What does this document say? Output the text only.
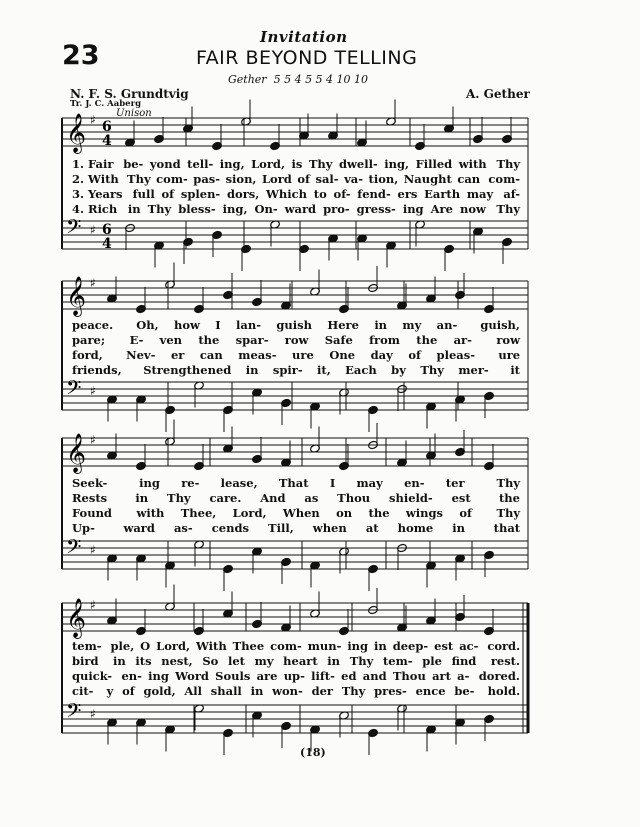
Invitation
23	FAIR BEYOND TELLING
Gether 5 5 4 5 5 4 10 10
N. F. S. Grundtvig
Tr. J. C. Aaberg
A. Gether
Unison
𝄞 ♯ 6
4
𝄢 ♯ 6
4
𝄞 ♯
𝄢 ♯
𝄞 ♯
𝄢 ♯
𝄞 ♯
𝄢 ♯
1. Fair be- yond tell- ing, Lord, is Thy dwell- ing, Filled with Thy
2. With Thy com- pas- sion, Lord of sal- va- tion, Naught can com-
3. Years full of splen- dors, Which to of- fend- ers Earth may af-
4. Rich in Thy bless- ing, On- ward pro- gress- ing Are now Thy
peace.	Oh,	how	I	lan-	guish	Here	in	my	an-	guish,
pare;	E-	ven	the	spar-	row	Safe	from	the	ar-	row
ford,	Nev-	er	can	meas-	ure	One	day	of	pleas-	ure
friends,	Strengthened	in	spir-	it,	Each	by	Thy	mer-	it
Seek-	ing	re-	lease,	That	I	may	en-	ter	Thy
Rests	in	Thy	care.	And	as	Thou	shield-	est	the
Found	with	Thee,	Lord,	When	on	the	wings	of	Thy
Up-	ward	as-	cends	Till,	when	at	home	in	that
tem- ple, O Lord, With Thee com- mun- ing in deep- est ac- cord.
bird	in its nest, So let my heart in Thy tem- ple find	rest.
quick- en- ing Word Souls are up- lift- ed and Thou art a- dored.
cit-	y of gold, All shall in won- der Thy pres- ence be-	hold.
(18)
